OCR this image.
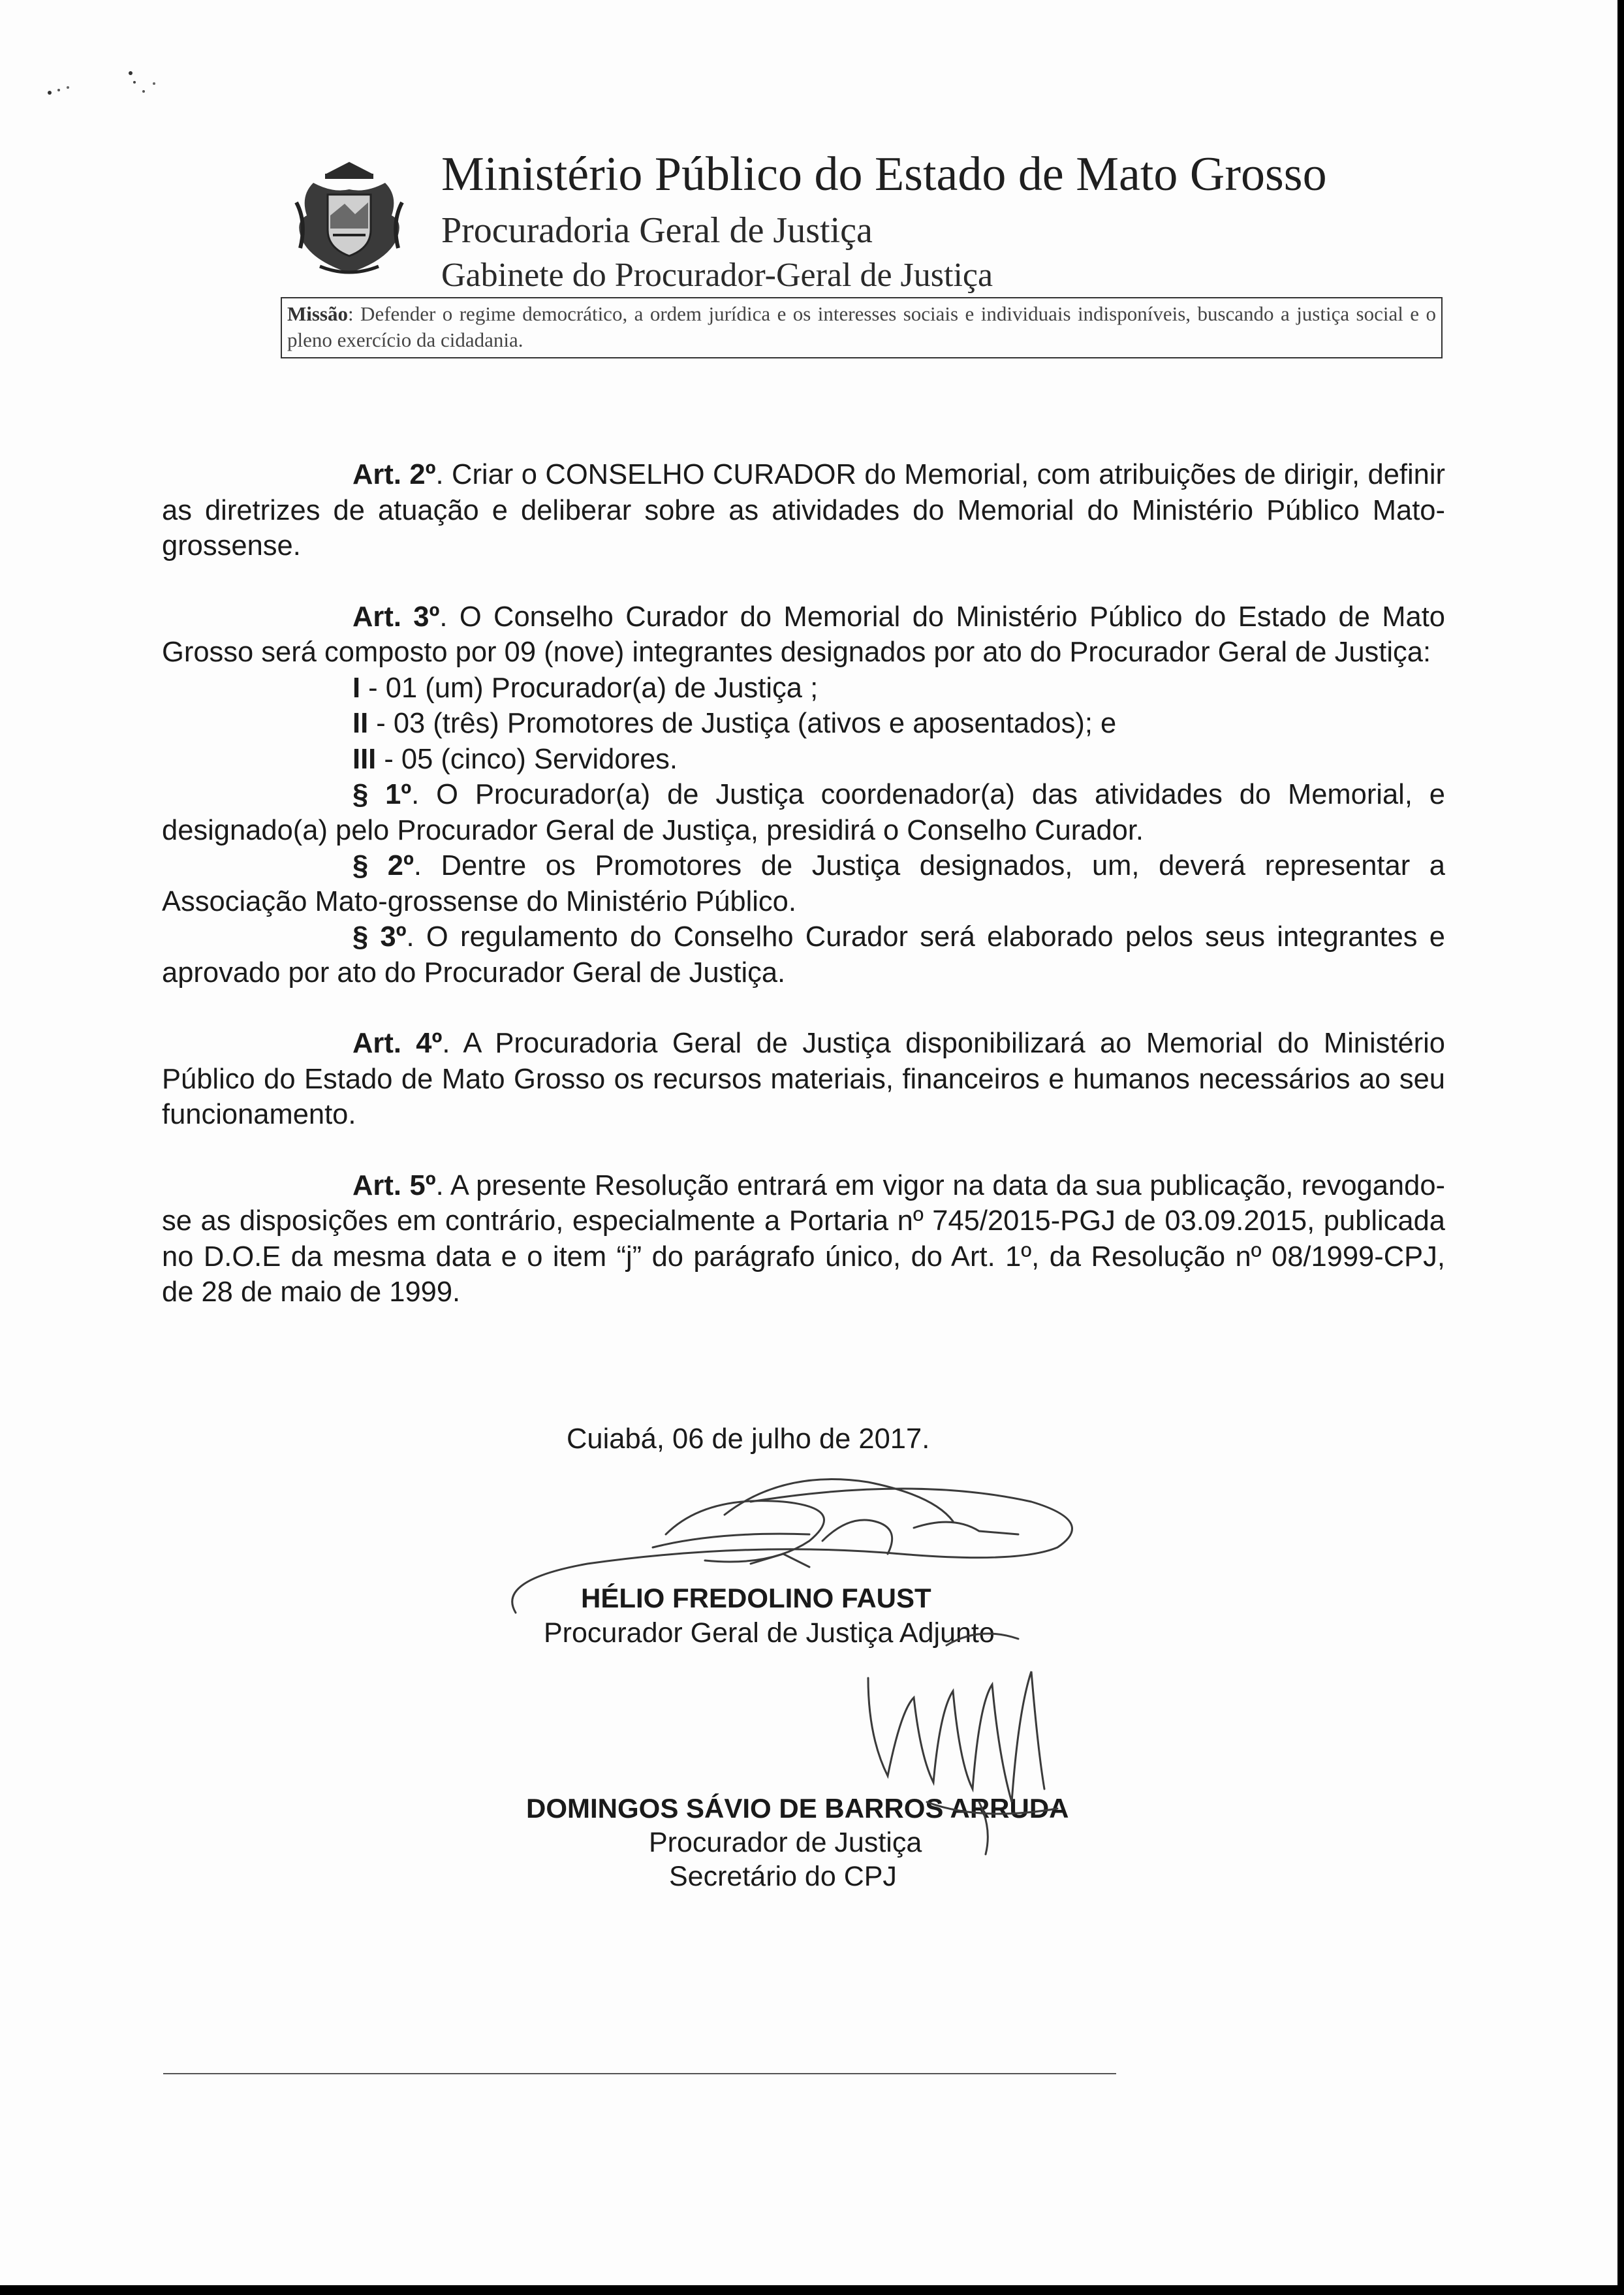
Ministério Público do Estado de Mato Grosso
Procuradoria Geral de Justiça
Gabinete do Procurador-Geral de Justiça
Missão: Defender o regime democrático, a ordem jurídica e os interesses sociais e individuais indisponíveis, buscando a justiça social e o pleno exercício da cidadania.

Art. 2º. Criar o CONSELHO CURADOR do Memorial, com atribuições de dirigir, definir as diretrizes de atuação e deliberar sobre as atividades do Memorial do Ministério Público Mato-grossense.

Art. 3º. O Conselho Curador do Memorial do Ministério Público do Estado de Mato Grosso será composto por 09 (nove) integrantes designados por ato do Procurador Geral de Justiça:

I - 01 (um) Procurador(a) de Justiça ;

II - 03 (três) Promotores de Justiça (ativos e aposentados); e

III - 05 (cinco) Servidores.

§ 1º. O Procurador(a) de Justiça coordenador(a) das atividades do Memorial, e designado(a) pelo Procurador Geral de Justiça, presidirá o Conselho Curador.

§ 2º. Dentre os Promotores de Justiça designados, um, deverá representar a Associação Mato-grossense do Ministério Público.

§ 3º. O regulamento do Conselho Curador será elaborado pelos seus integrantes e aprovado por ato do Procurador Geral de Justiça.

Art. 4º. A Procuradoria Geral de Justiça disponibilizará ao Memorial do Ministério Público do Estado de Mato Grosso os recursos materiais, financeiros e humanos necessários ao seu funcionamento.

Art. 5º. A presente Resolução entrará em vigor na data da sua publicação, revogando-se as disposições em contrário, especialmente a Portaria nº 745/2015-PGJ de 03.09.2015, publicada no D.O.E da mesma data e o item “j” do parágrafo único, do Art. 1º, da Resolução nº 08/1999-CPJ, de 28 de maio de 1999.

Cuiabá, 06 de julho de 2017.
HÉLIO FREDOLINO FAUST
Procurador Geral de Justiça Adjunto
DOMINGOS SÁVIO DE BARROS ARRUDA
Procurador de Justiça
Secretário do CPJ
